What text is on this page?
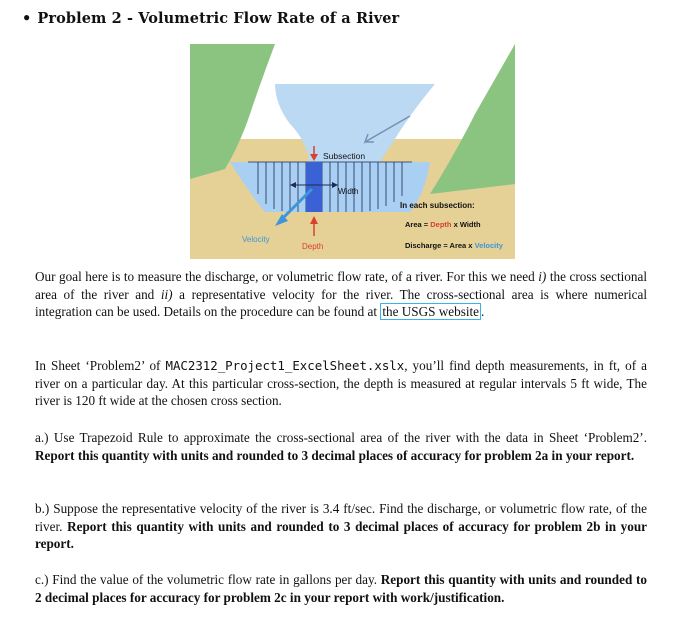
• Problem 2 - Volumetric Flow Rate of a River
Subsection
Width
Velocity
Depth
In each subsection:
Area = Depth x Width
Discharge = Area x Velocity
Our goal here is to measure the discharge, or volumetric flow rate, of a river. For this we need i) the cross sectional area of the river and ii) a representative velocity for the river. The cross-sectional area is where numerical integration can be used. Details on the procedure can be found at the USGS website .
In Sheet ‘Problem2’ of MAC2312_Project1_ExcelSheet.xslx, you’ll find depth measurements, in ft, of a river on a particular day. At this particular cross-section, the depth is measured at regular intervals 5 ft wide, The river is 120 ft wide at the chosen cross section.
a.) Use Trapezoid Rule to approximate the cross-sectional area of the river with the data in Sheet ‘Problem2’. Report this quantity with units and rounded to 3 decimal places of accuracy for problem 2a in your report.
b.) Suppose the representative velocity of the river is 3.4 ft/sec. Find the discharge, or volumetric flow rate, of the river. Report this quantity with units and rounded to 3 decimal places of accuracy for problem 2b in your report.
c.) Find the value of the volumetric flow rate in gallons per day. Report this quantity with units and rounded to 2 decimal places for accuracy for problem 2c in your report with work/justification.
